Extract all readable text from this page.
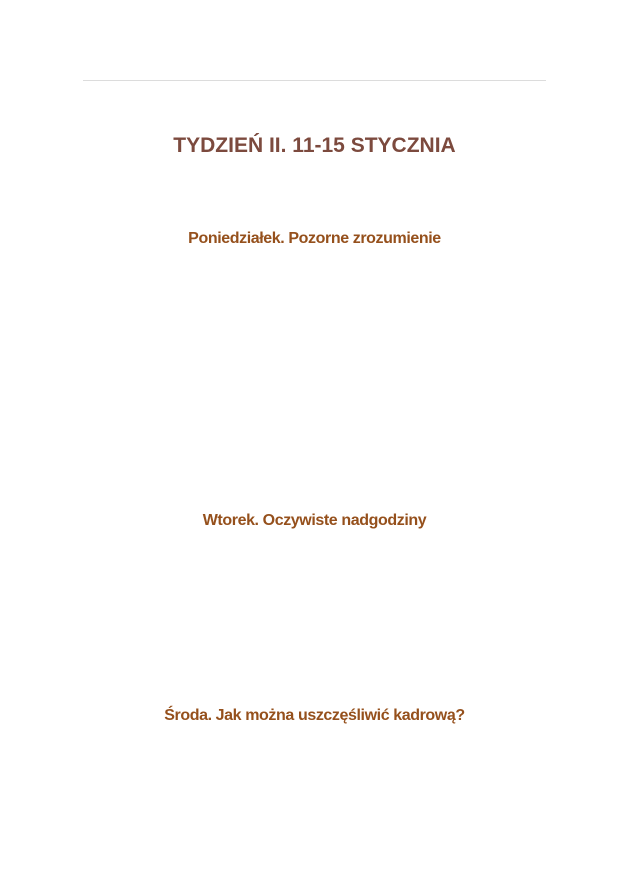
TYDZIEŃ II. 11-15 STYCZNIA
Poniedziałek. Pozorne zrozumienie
Wtorek. Oczywiste nadgodziny
Środa. Jak można uszczęśliwić kadrową?
